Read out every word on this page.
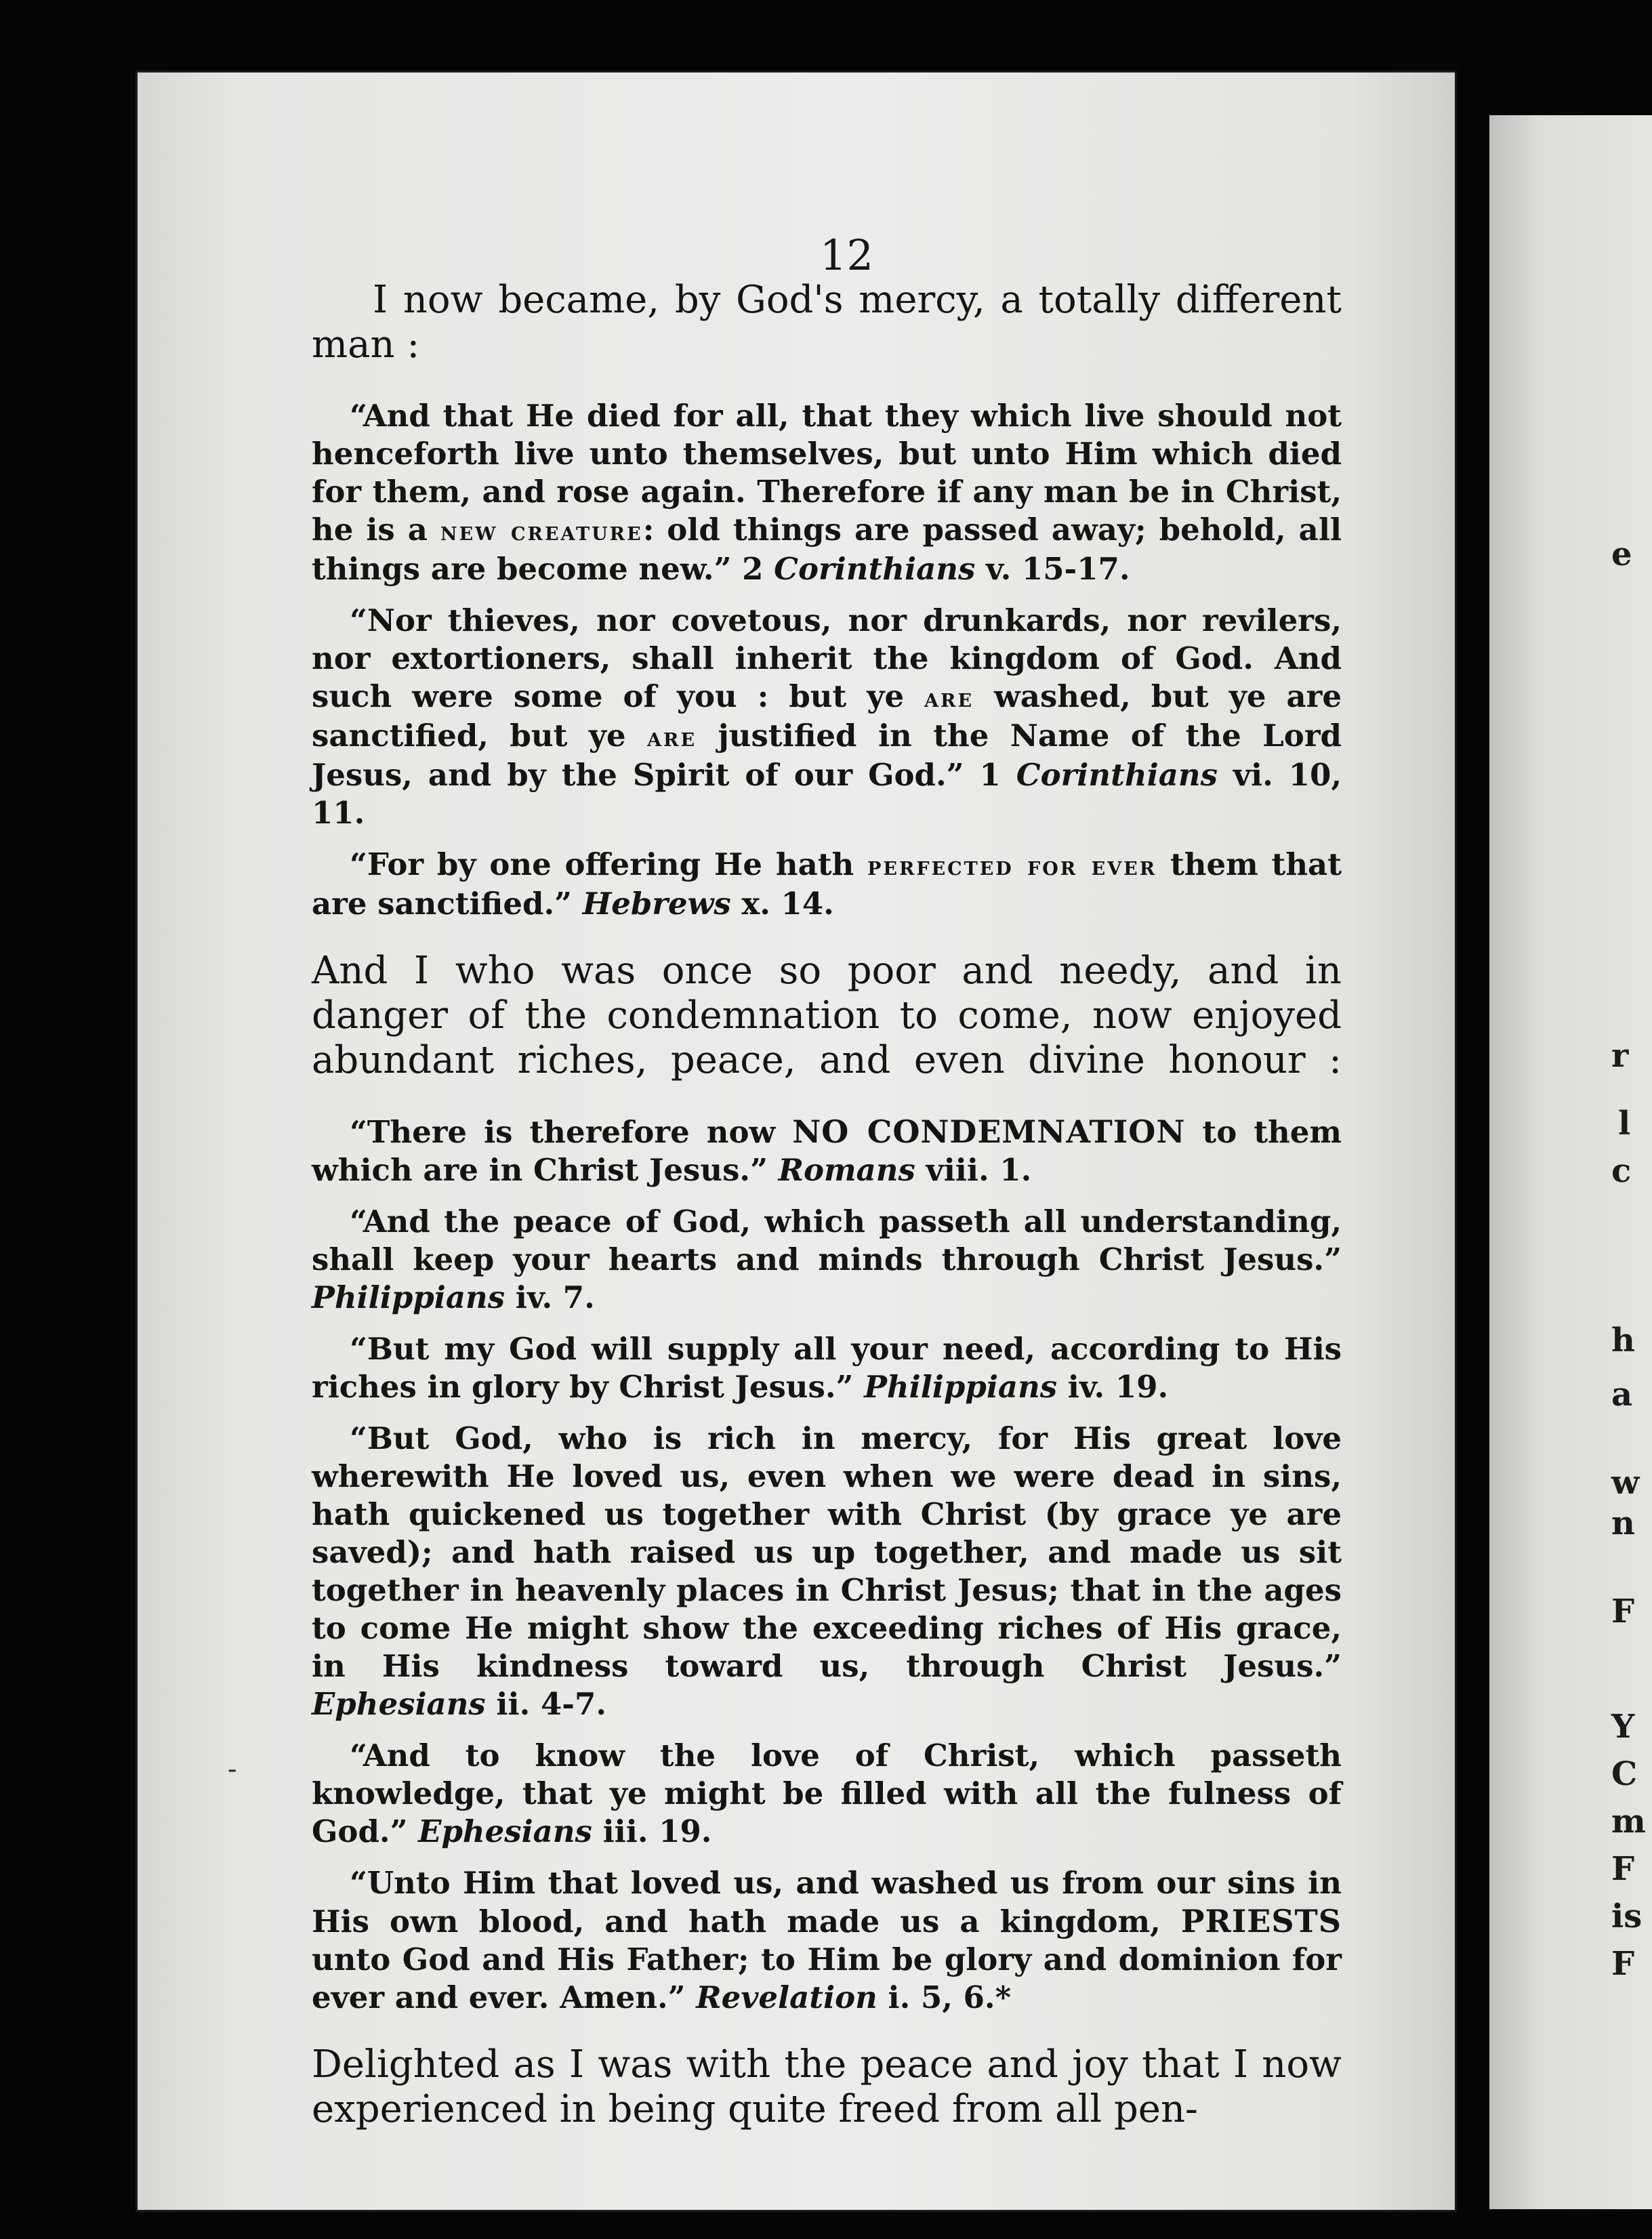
e
r
l
c
h
a
w
n
F
Y
C
m
F
is
F
12
-

I now became, by God's mercy, a totally different man :

“And that He died for all, that they which live should not henceforth live unto themselves, but unto Him which died for them, and rose again. Therefore if any man be in Christ, he is a new creature: old things are passed away; behold, all things are become new.” 2 Corinthians v. 15-17.

“Nor thieves, nor covetous, nor drunkards, nor revilers, nor extortioners, shall inherit the kingdom of God. And such were some of you : but ye are washed, but ye are sanctified, but ye are justified in the Name of the Lord Jesus, and by the Spirit of our God.” 1 Corinthians vi. 10, 11.

“For by one offering He hath perfected for ever them that are sanctified.” Hebrews x. 14.

And I who was once so poor and needy, and in danger of the condemnation to come, now enjoyed abundant riches, peace, and even divine honour :

“There is therefore now NO CONDEMNATION to them which are in Christ Jesus.” Romans viii. 1.

“And the peace of God, which passeth all understanding, shall keep your hearts and minds through Christ Jesus.” Philippians iv. 7.

“But my God will supply all your need, according to His riches in glory by Christ Jesus.” Philippians iv. 19.

“But God, who is rich in mercy, for His great love wherewith He loved us, even when we were dead in sins, hath quickened us together with Christ (by grace ye are saved); and hath raised us up together, and made us sit together in heavenly places in Christ Jesus; that in the ages to come He might show the exceeding riches of His grace, in His kindness toward us, through Christ Jesus.” Ephesians ii. 4-7.

“And to know the love of Christ, which passeth knowledge, that ye might be filled with all the fulness of God.” Ephesians iii. 19.

“Unto Him that loved us, and washed us from our sins in His own blood, and hath made us a kingdom, PRIESTS unto God and His Father; to Him be glory and dominion for ever and ever. Amen.” Revelation i. 5, 6.*

Delighted as I was with the peace and joy that I now experienced in being quite freed from all pen-
